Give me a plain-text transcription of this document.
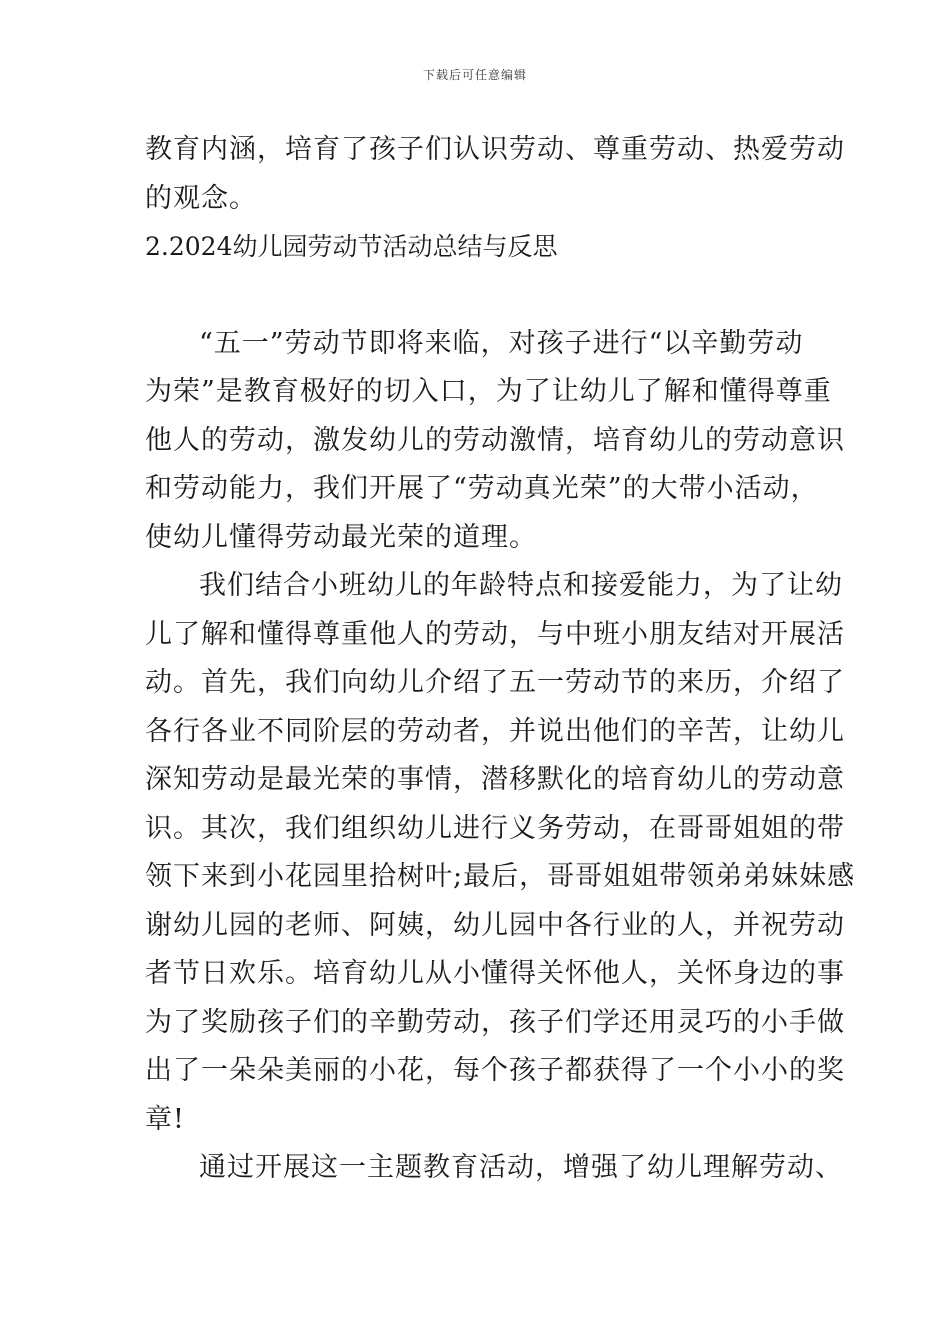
下载后可任意编辑
教育内涵，培育了孩子们认识劳动、尊重劳动、热爱劳动
的观念。
2.2024幼儿园劳动节活动总结与反思
“五一”劳动节即将来临，对孩子进行“以辛勤劳动
为荣”是教育极好的切入口，为了让幼儿了解和懂得尊重
他人的劳动，激发幼儿的劳动激情，培育幼儿的劳动意识
和劳动能力，我们开展了“劳动真光荣”的大带小活动，
使幼儿懂得劳动最光荣的道理。
我们结合小班幼儿的年龄特点和接爱能力，为了让幼
儿了解和懂得尊重他人的劳动，与中班小朋友结对开展活
动。首先，我们向幼儿介绍了五一劳动节的来历，介绍了
各行各业不同阶层的劳动者，并说出他们的辛苦，让幼儿
深知劳动是最光荣的事情，潜移默化的培育幼儿的劳动意
识。其次，我们组织幼儿进行义务劳动，在哥哥姐姐的带
领下来到小花园里拾树叶;最后，哥哥姐姐带领弟弟妹妹感
谢幼儿园的老师、阿姨，幼儿园中各行业的人，并祝劳动
者节日欢乐。培育幼儿从小懂得关怀他人，关怀身边的事
为了奖励孩子们的辛勤劳动，孩子们学还用灵巧的小手做
出了一朵朵美丽的小花，每个孩子都获得了一个小小的奖
章!
通过开展这一主题教育活动，增强了幼儿理解劳动、
